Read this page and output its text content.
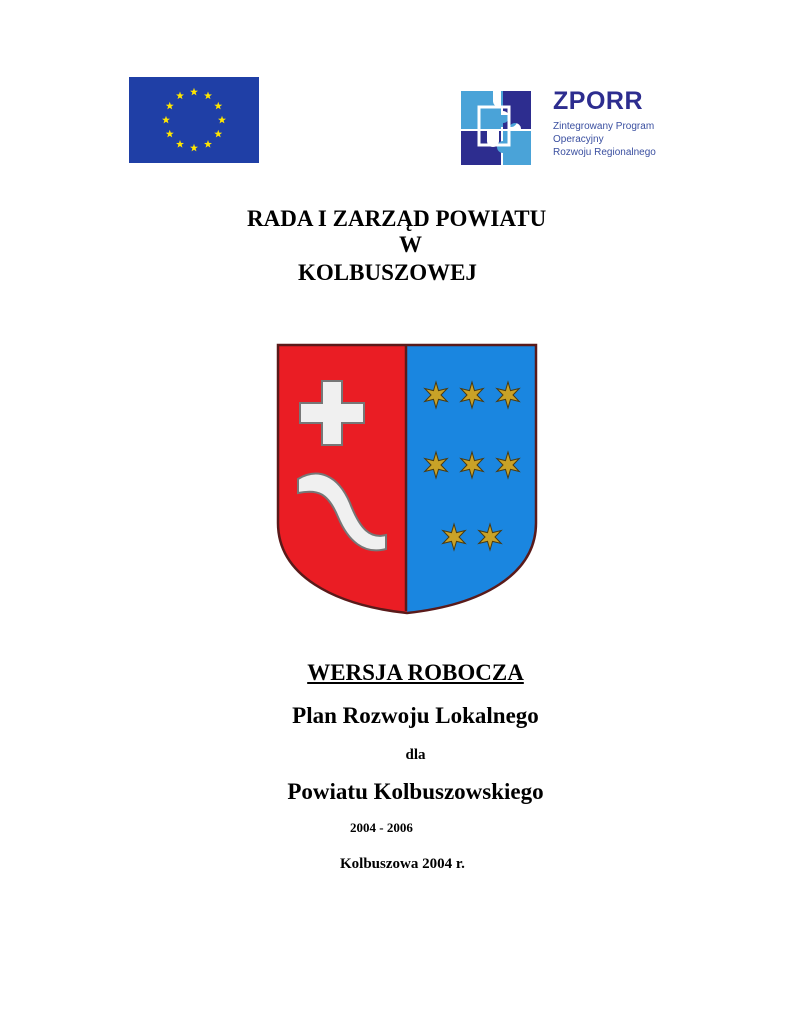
ZPORR
Zintegrowany Program
Operacyjny
Rozwoju Regionalnego
RADA I ZARZĄD POWIATU
W
KOLBUSZOWEJ
WERSJA ROBOCZA
Plan Rozwoju Lokalnego
dla
Powiatu Kolbuszowskiego
2004 - 2006
Kolbuszowa 2004 r.
